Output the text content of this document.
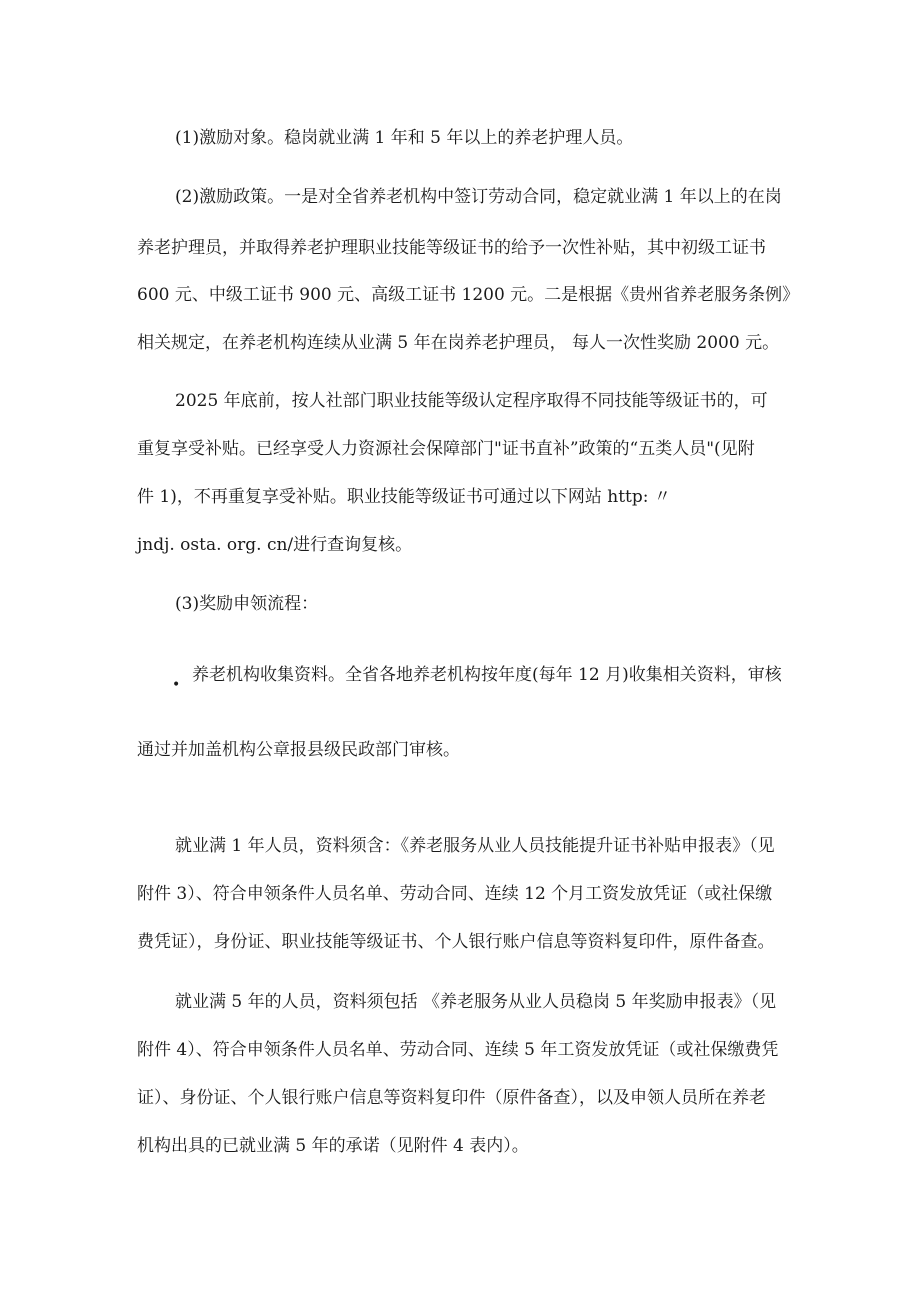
(1)激励对象。稳岗就业满 1 年和 5 年以上的养老护理人员。
(2)激励政策。一是对全省养老机构中签订劳动合同，稳定就业满 1 年以上的在岗
养老护理员，并取得养老护理职业技能等级证书的给予一次性补贴，其中初级工证书
600 元、中级工证书 900 元、高级工证书 1200 元。二是根据《贵州省养老服务条例》
相关规定，在养老机构连续从业满 5 年在岗养老护理员， 每人一次性奖励 2000 元。
2025 年底前，按人社部门职业技能等级认定程序取得不同技能等级证书的，可
重复享受补贴。已经享受人力资源社会保障部门"证书直补”政策的“五类人员"(见附
件 1)，不再重复享受补贴。职业技能等级证书可通过以下网站 http: 〃
jndj. osta. org. cn/进行查询复核。
(3)奖励申领流程：
• 养老机构收集资料。全省各地养老机构按年度(每年 12 月)收集相关资料，审核
通过并加盖机构公章报县级民政部门审核。
就业满 1 年人员，资料须含：《养老服务从业人员技能提升证书补贴申报表》（见
附件 3）、符合申领条件人员名单、劳动合同、连续 12 个月工资发放凭证（或社保缴
费凭证），身份证、职业技能等级证书、个人银行账户信息等资料复印件，原件备查。
就业满 5 年的人员，资料须包括 《养老服务从业人员稳岗 5 年奖励申报表》（见
附件 4）、符合申领条件人员名单、劳动合同、连续 5 年工资发放凭证（或社保缴费凭
证）、身份证、个人银行账户信息等资料复印件（原件备查），以及申领人员所在养老
机构出具的已就业满 5 年的承诺（见附件 4 表内）。
